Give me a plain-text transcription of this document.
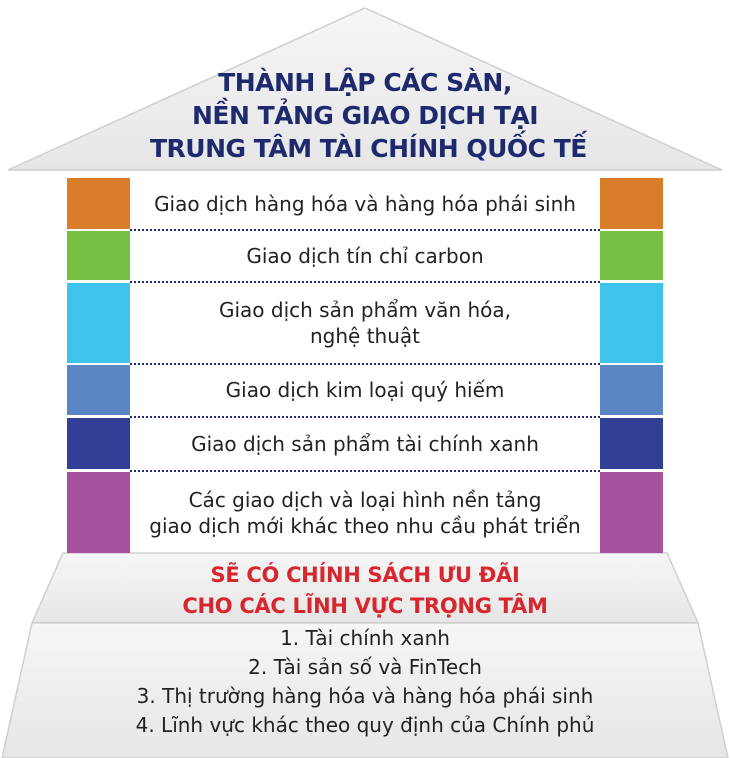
THÀNH LẬP CÁC SÀN,
NỀN TẢNG GIAO DỊCH TẠI
TRUNG TÂM TÀI CHÍNH QUỐC TẾ
Giao dịch hàng hóa và hàng hóa phái sinh
Giao dịch tín chỉ carbon
Giao dịch sản phẩm văn hóa,
nghệ thuật
Giao dịch kim loại quý hiếm
Giao dịch sản phẩm tài chính xanh
Các giao dịch và loại hình nền tảng
giao dịch mới khác theo nhu cầu phát triển
SẼ CÓ CHÍNH SÁCH ƯU ĐÃI
CHO CÁC LĨNH VỰC TRỌNG TÂM
1. Tài chính xanh
2. Tài sản số và FinTech
3. Thị trường hàng hóa và hàng hóa phái sinh
4. Lĩnh vực khác theo quy định của Chính phủ
